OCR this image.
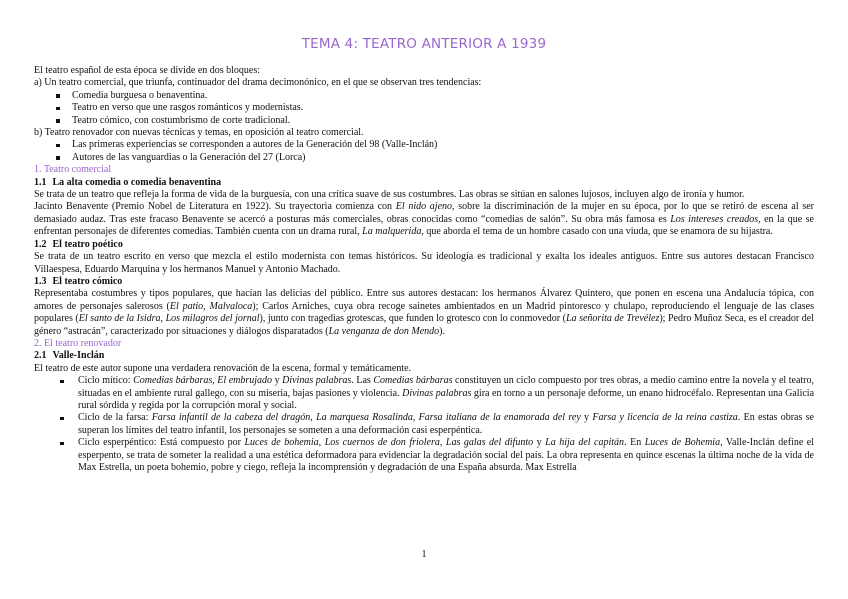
TEMA 4: TEATRO ANTERIOR A 1939

El teatro español de esta época se divide en dos bloques:

a) Un teatro comercial, que triunfa, continuador del drama decimonónico, en el que se observan tres tendencias:

Comedia burguesa o benaventina.
Teatro en verso que une rasgos románticos y modernistas.
Teatro cómico, con costumbrismo de corte tradicional.

b) Teatro renovador con nuevas técnicas y temas, en oposición al teatro comercial.

Las primeras experiencias se corresponden a autores de la Generación del 98 (Valle-Inclán)
Autores de las vanguardias o la Generación del 27 (Lorca)

1. Teatro comercial

1.1 La alta comedia o comedia benaventina

Se trata de un teatro que refleja la forma de vida de la burguesía, con una crítica suave de sus costumbres. Las obras se sitúan en salones lujosos, incluyen algo de ironía y humor.

Jacinto Benavente (Premio Nobel de Literatura en 1922). Su trayectoria comienza con El nido ajeno, sobre la discriminación de la mujer en su época, por lo que se retiró de escena al ser demasiado audaz. Tras este fracaso Benavente se acercó a posturas más comerciales, obras conocidas como “comedias de salón”. Su obra más famosa es Los intereses creados, en la que se enfrentan personajes de diferentes comedias. También cuenta con un drama rural, La malquerida, que aborda el tema de un hombre casado con una viuda, que se enamora de su hijastra.

1.2 El teatro poético

Se trata de un teatro escrito en verso que mezcla el estilo modernista con temas históricos. Su ideología es tradicional y exalta los ideales antiguos. Entre sus autores destacan Francisco Villaespesa, Eduardo Marquina y los hermanos Manuel y Antonio Machado.

1.3 El teatro cómico

Representaba costumbres y tipos populares, que hacían las delicias del público. Entre sus autores destacan: los hermanos Álvarez Quintero, que ponen en escena una Andalucía tópica, con amores de personajes salerosos (El patio, Malvaloca); Carlos Arniches, cuya obra recoge sainetes ambientados en un Madrid pintoresco y chulapo, reproduciendo el lenguaje de las clases populares (El santo de la Isidra, Los milagros del jornal), junto con tragedias grotescas, que funden lo grotesco con lo conmovedor (La señorita de Trevélez); Pedro Muñoz Seca, es el creador del género “astracán”, caracterizado por situaciones y diálogos disparatados (La venganza de don Mendo).

2. El teatro renovador

2.1 Valle-Inclán

El teatro de este autor supone una verdadera renovación de la escena, formal y temáticamente.

Ciclo mítico: Comedias bárbaras, El embrujado y Divinas palabras. Las Comedias bárbaras constituyen un ciclo compuesto por tres obras, a medio camino entre la novela y el teatro, situadas en el ambiente rural gallego, con su miseria, bajas pasiones y violencia. Divinas palabras gira en torno a un personaje deforme, un enano hidrocéfalo. Representan una Galicia rural sórdida y regida por la corrupción moral y social.
Ciclo de la farsa: Farsa infantil de la cabeza del dragón, La marquesa Rosalinda, Farsa italiana de la enamorada del rey y Farsa y licencia de la reina castiza. En estas obras se superan los límites del teatro infantil, los personajes se someten a una deformación casi esperpéntica.
Ciclo esperpéntico: Está compuesto por Luces de bohemia, Los cuernos de don friolera, Las galas del difunto y La hija del capitán. En Luces de Bohemia, Valle-Inclán define el esperpento, se trata de someter la realidad a una estética deformadora para evidenciar la degradación social del país. La obra representa en quince escenas la última noche de la vida de Max Estrella, un poeta bohemio, pobre y ciego, refleja la incomprensión y degradación de una España absurda. Max Estrella
1
